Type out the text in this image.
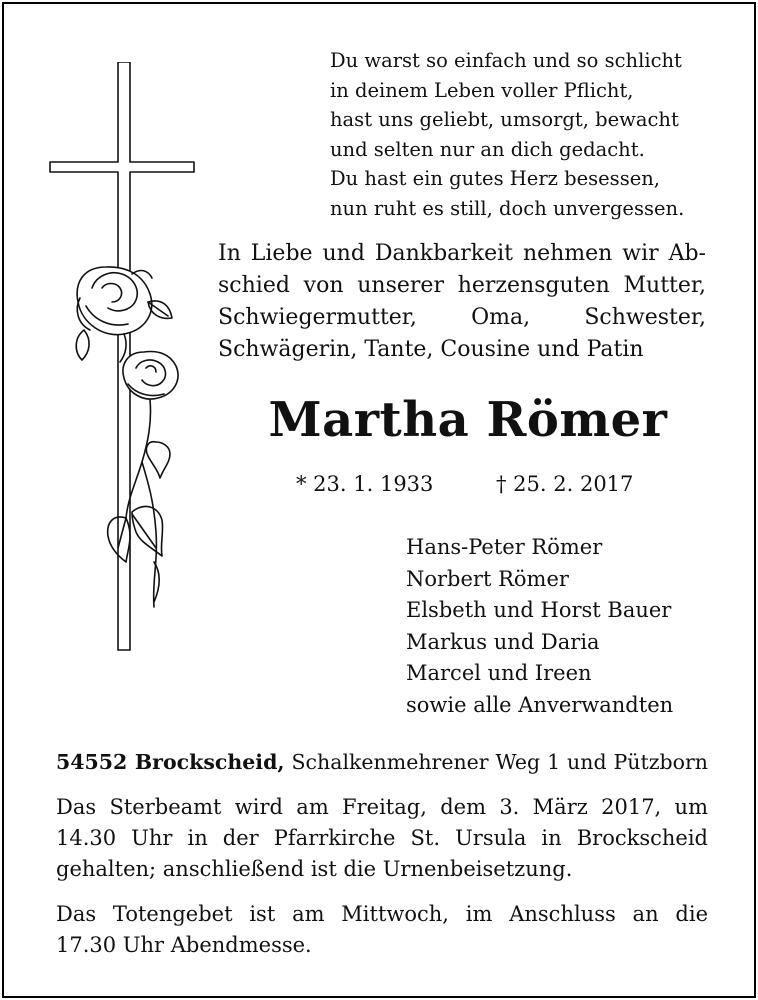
Du warst so einfach und so schlicht
in deinem Leben voller Pflicht,
hast uns geliebt, umsorgt, bewacht
und selten nur an dich gedacht.
Du hast ein gutes Herz besessen,
nun ruht es still, doch unvergessen.
In Liebe und Dankbarkeit nehmen wir Ab-
schied von unserer herzensguten Mutter,
Schwiegermutter, Oma, Schwester,
Schwägerin, Tante, Cousine und Patin
Martha Römer
* 23. 1. 1933	† 25. 2. 2017
Hans-Peter Römer
Norbert Römer
Elsbeth und Horst Bauer
Markus und Daria
Marcel und Ireen
sowie alle Anverwandten
54552 Brockscheid, Schalkenmehrener Weg 1 und Pützborn
Das Sterbeamt wird am Freitag, dem 3. März 2017, um
14.30 Uhr in der Pfarrkirche St. Ursula in Brockscheid
gehalten; anschließend ist die Urnenbeisetzung.
Das Totengebet ist am Mittwoch, im Anschluss an die
17.30 Uhr Abendmesse.
